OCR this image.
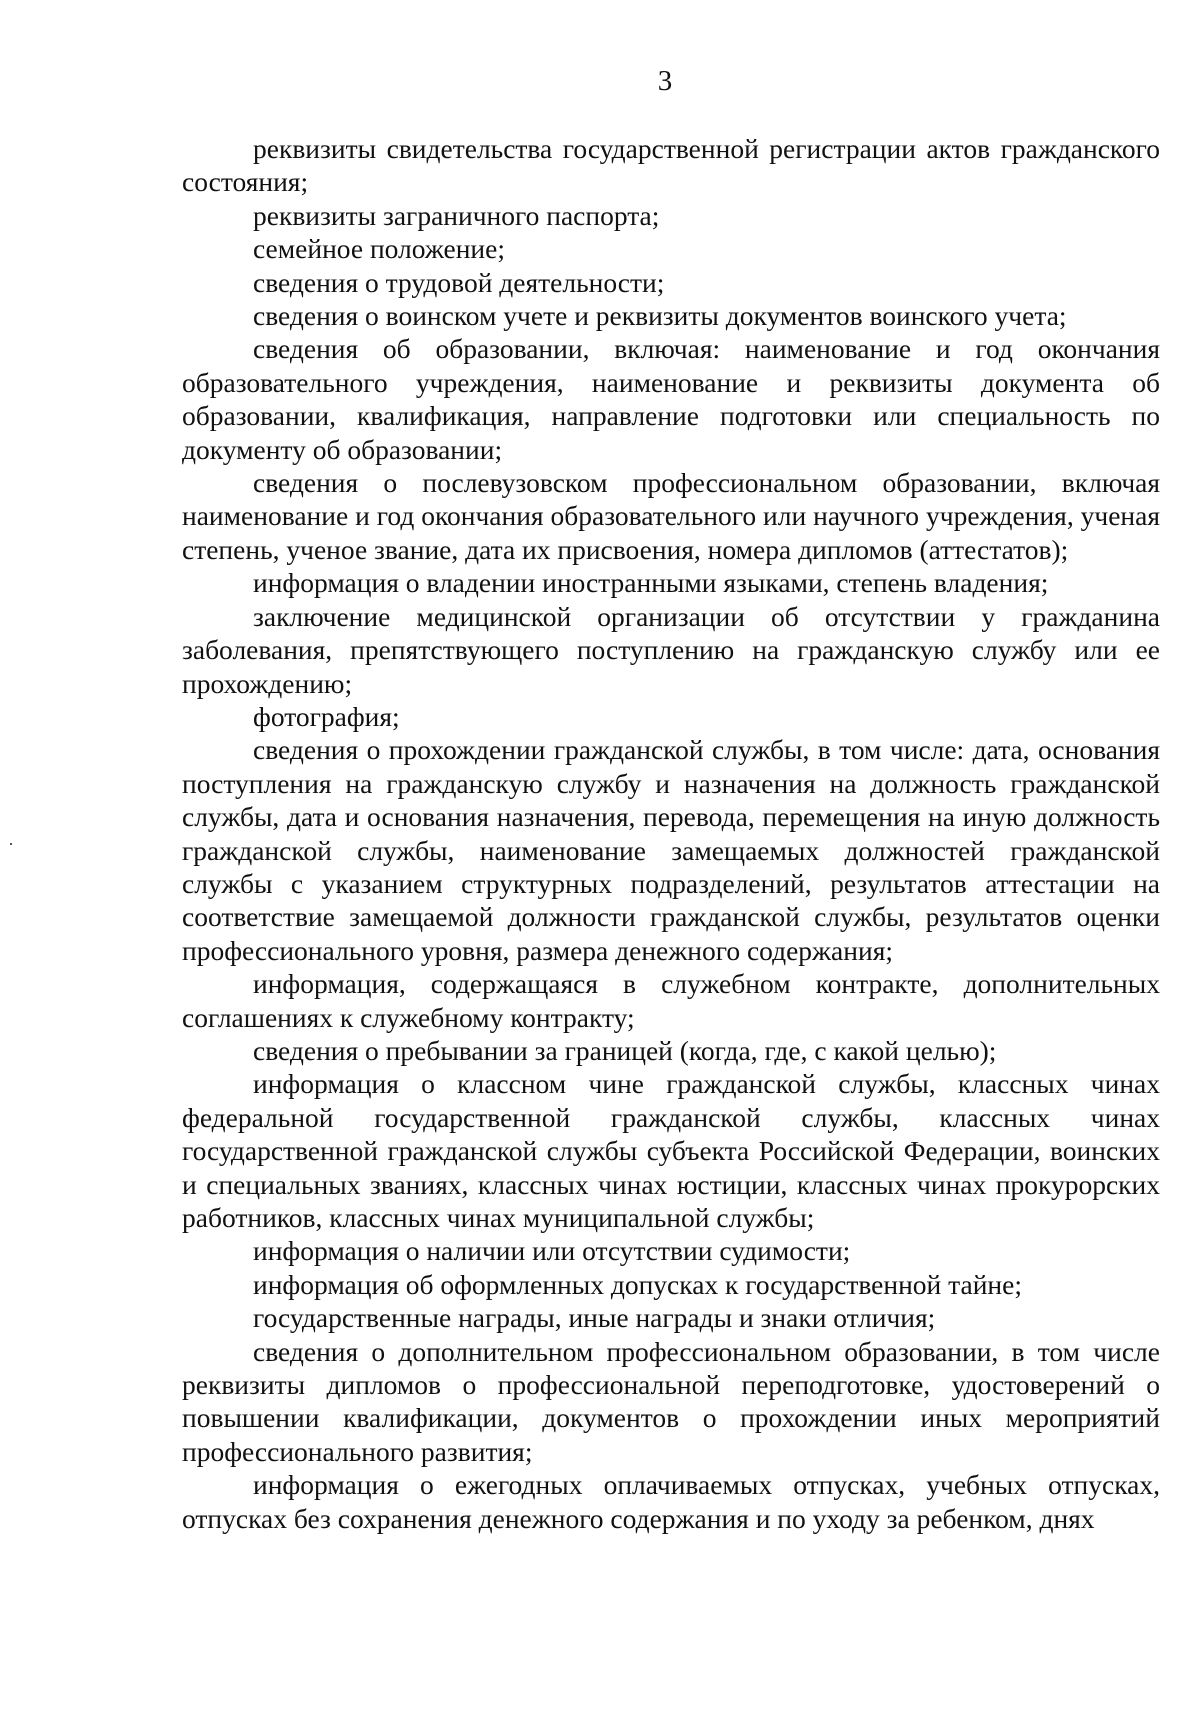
3

реквизиты свидетельства государственной регистрации актов гражданского состояния;

реквизиты заграничного паспорта;

семейное положение;

сведения о трудовой деятельности;

сведения о воинском учете и реквизиты документов воинского учета;

сведения об образовании, включая: наименование и год окончания образовательного учреждения, наименование и реквизиты документа об образовании, квалификация, направление подготовки или специальность по документу об образовании;

сведения о послевузовском профессиональном образовании, включая наименование и год окончания образовательного или научного учреждения, ученая степень, ученое звание, дата их присвоения, номера дипломов (аттестатов);

информация о владении иностранными языками, степень владения;

заключение медицинской организации об отсутствии у гражданина заболевания, препятствующего поступлению на гражданскую службу или ее прохождению;

фотография;

сведения о прохождении гражданской службы, в том числе: дата, основания поступления на гражданскую службу и назначения на должность гражданской службы, дата и основания назначения, перевода, перемещения на иную должность гражданской службы, наименование замещаемых должностей гражданской службы с указанием структурных подразделений, результатов аттестации на соответствие замещаемой должности гражданской службы, результатов оценки профессионального уровня, размера денежного содержания;

информация, содержащаяся в служебном контракте, дополнительных соглашениях к служебному контракту;

сведения о пребывании за границей (когда, где, с какой целью);

информация о классном чине гражданской службы, классных чинах федеральной государственной гражданской службы, классных чинах государственной гражданской службы субъекта Российской Федерации, воинских и специальных званиях, классных чинах юстиции, классных чинах прокурорских работников, классных чинах муниципальной службы;

информация о наличии или отсутствии судимости;

информация об оформленных допусках к государственной тайне;

государственные награды, иные награды и знаки отличия;

сведения о дополнительном профессиональном образовании, в том числе реквизиты дипломов о профессиональной переподготовке, удостоверений о повышении квалификации, документов о прохождении иных мероприятий профессионального развития;

информация о ежегодных оплачиваемых отпусках, учебных отпусках, отпусках без сохранения денежного содержания и по уходу за ребенком, днях
